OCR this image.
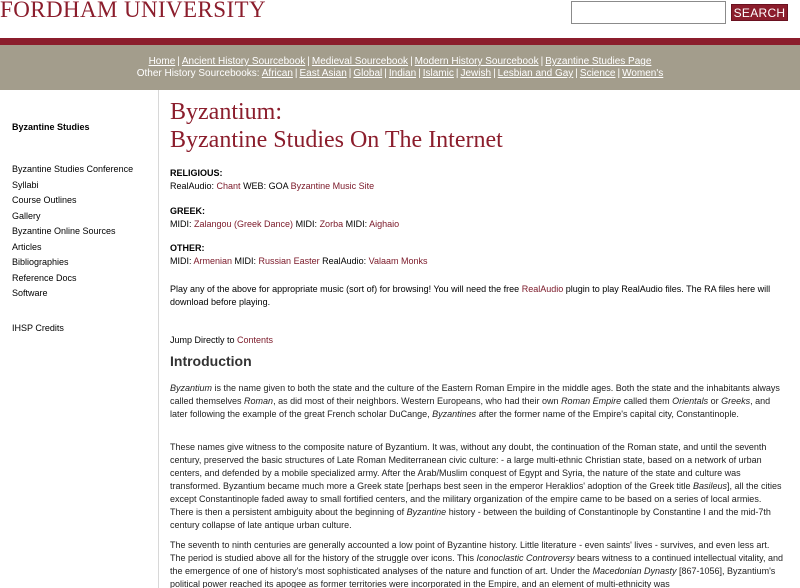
FORDHAM UNIVERSITY	SEARCH
Home | Ancient History Sourcebook | Medieval Sourcebook | Modern History Sourcebook | Byzantine Studies Page
Other History Sourcebooks: African | East Asian | Global | Indian | Islamic | Jewish | Lesbian and Gay | Science | Women's
Byzantine Studies
Byzantine Studies Conference
Syllabi
Course Outlines
Gallery
Byzantine Online Sources
Articles
Bibliographies
Reference Docs
Software
IHSP Credits
Byzantium:
Byzantine Studies On The Internet
RELIGIOUS:
RealAudio: Chant WEB: GOA Byzantine Music Site
GREEK:
MIDI: Zalangou (Greek Dance) MIDI: Zorba MIDI: Aighaio
OTHER:
MIDI: Armenian MIDI: Russian Easter RealAudio: Valaam Monks
Play any of the above for appropriate music (sort of) for browsing! You will need the free RealAudio plugin to play RealAudio files. The RA files here will download before playing.
Jump Directly to Contents
Introduction
Byzantium is the name given to both the state and the culture of the Eastern Roman Empire in the middle ages. Both the state and the inhabitants always called themselves Roman, as did most of their neighbors. Western Europeans, who had their own Roman Empire called them Orientals or Greeks, and later following the example of the great French scholar DuCange, Byzantines after the former name of the Empire's capital city, Constantinople.
These names give witness to the composite nature of Byzantium. It was, without any doubt, the continuation of the Roman state, and until the seventh century, preserved the basic structures of Late Roman Mediterranean civic culture: - a large multi-ethnic Christian state, based on a network of urban centers, and defended by a mobile specialized army. After the Arab/Muslim conquest of Egypt and Syria, the nature of the state and culture was transformed. Byzantium became much more a Greek state [perhaps best seen in the emperor Heraklios' adoption of the Greek title Basileus], all the cities except Constantinople faded away to small fortified centers, and the military organization of the empire came to be based on a series of local armies. There is then a persistent ambiguity about the beginning of Byzantine history - between the building of Constantinople by Constantine I and the mid-7th century collapse of late antique urban culture.
The seventh to ninth centuries are generally accounted a low point of Byzantine history. Little literature - even saints' lives - survives, and even less art. The period is studied above all for the history of the struggle over icons. This Iconoclastic Controversy bears witness to a continued intellectual vitality, and the emergence of one of history's most sophisticated analyses of the nature and function of art. Under the Macedonian Dynasty [867-1056], Byzantium's political power reached its apogee as former territories were incorporated in the Empire, and an element of multi-ethnicity was
